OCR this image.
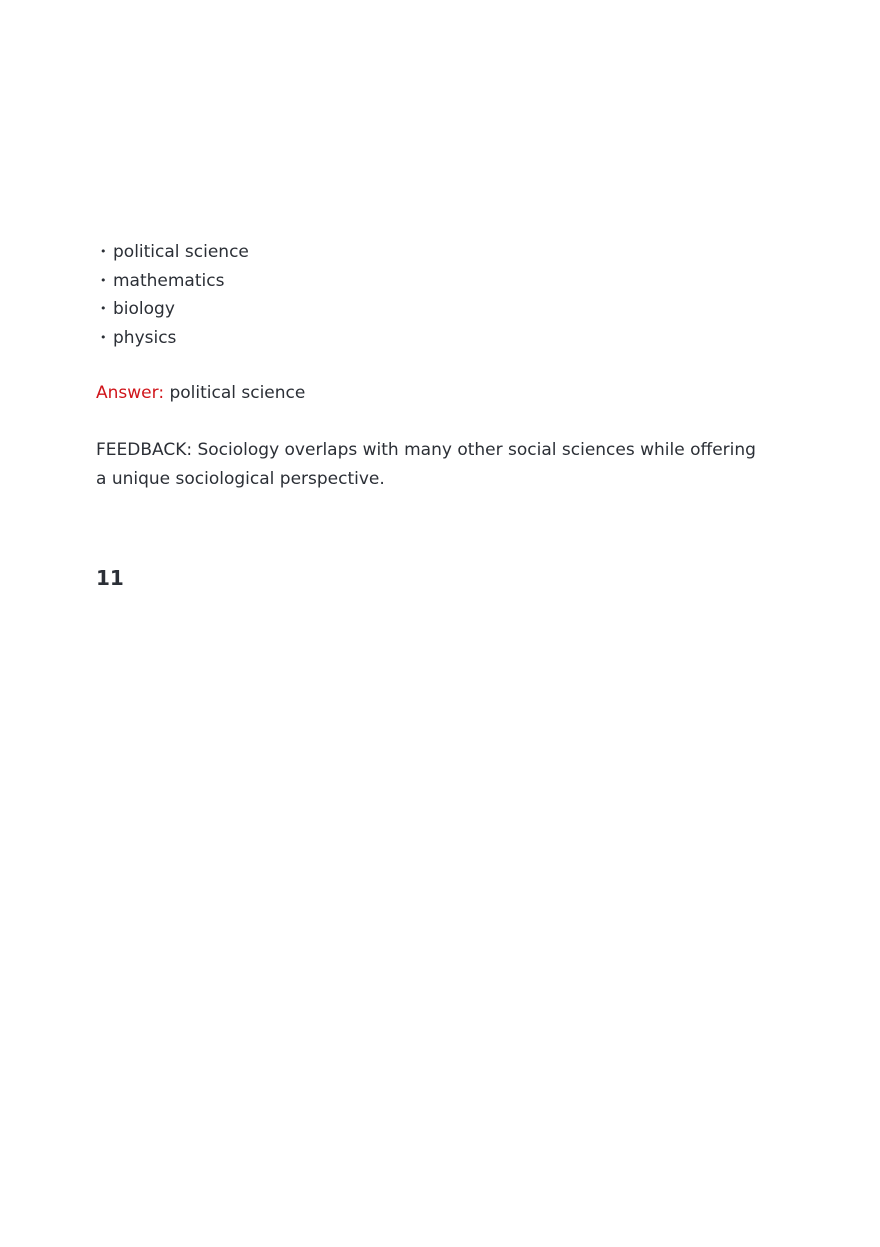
• political science
• mathematics
• biology
• physics
Answer: political science

FEEDBACK: Sociology overlaps with many other social sciences while offering
a unique sociological perspective.

11
